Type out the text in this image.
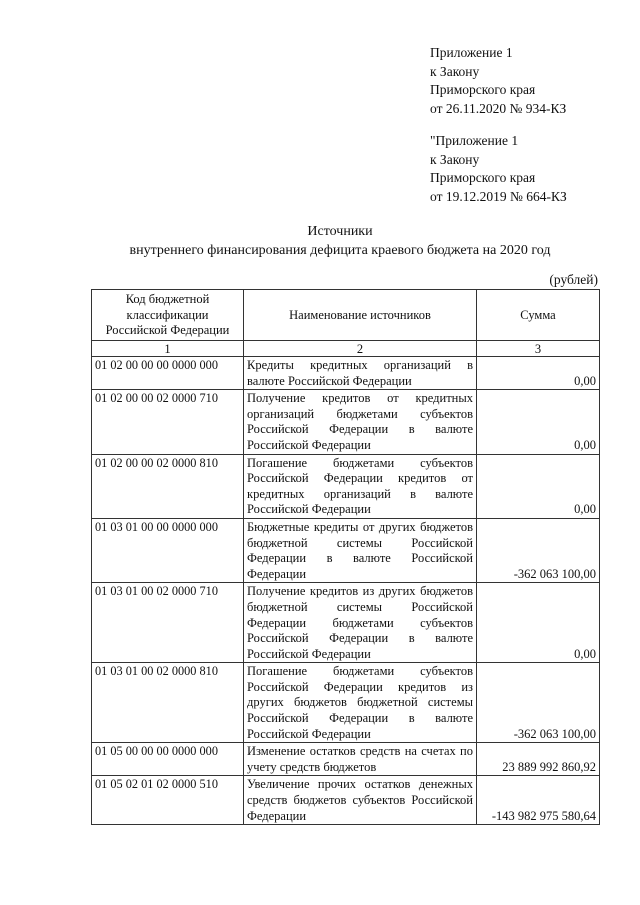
Приложение 1
к Закону
Приморского края
от 26.11.2020 № 934-КЗ
"Приложение 1
к Закону
Приморского края
от 19.12.2019 № 664-КЗ
Источники
внутреннего финансирования дефицита краевого бюджета на 2020 год
(рублей)
Код бюджетной классификации Российской Федерации	Наименование источников	Сумма
1	2	3
01 02 00 00 00 0000 000	Кредиты кредитных организаций в валюте Российской Федерации	0,00
01 02 00 00 02 0000 710	Получение кредитов от кредитных организаций бюджетами субъектов Российской Федерации в валюте Российской Федерации	0,00
01 02 00 00 02 0000 810	Погашение бюджетами субъектов Российской Федерации кредитов от кредитных организаций в валюте Российской Федерации	0,00
01 03 01 00 00 0000 000	Бюджетные кредиты от других бюджетов бюджетной системы Российской Федерации в валюте Российской Федерации	-362 063 100,00
01 03 01 00 02 0000 710	Получение кредитов из других бюджетов бюджетной системы Российской Федерации бюджетами субъектов Российской Федерации в валюте Российской Федерации	0,00
01 03 01 00 02 0000 810	Погашение бюджетами субъектов Российской Федерации кредитов из других бюджетов бюджетной системы Российской Федерации в валюте Российской Федерации	-362 063 100,00
01 05 00 00 00 0000 000	Изменение остатков средств на счетах по учету средств бюджетов	23 889 992 860,92
01 05 02 01 02 0000 510	Увеличение прочих остатков денежных средств бюджетов субъектов Российской Федерации	-143 982 975 580,64
